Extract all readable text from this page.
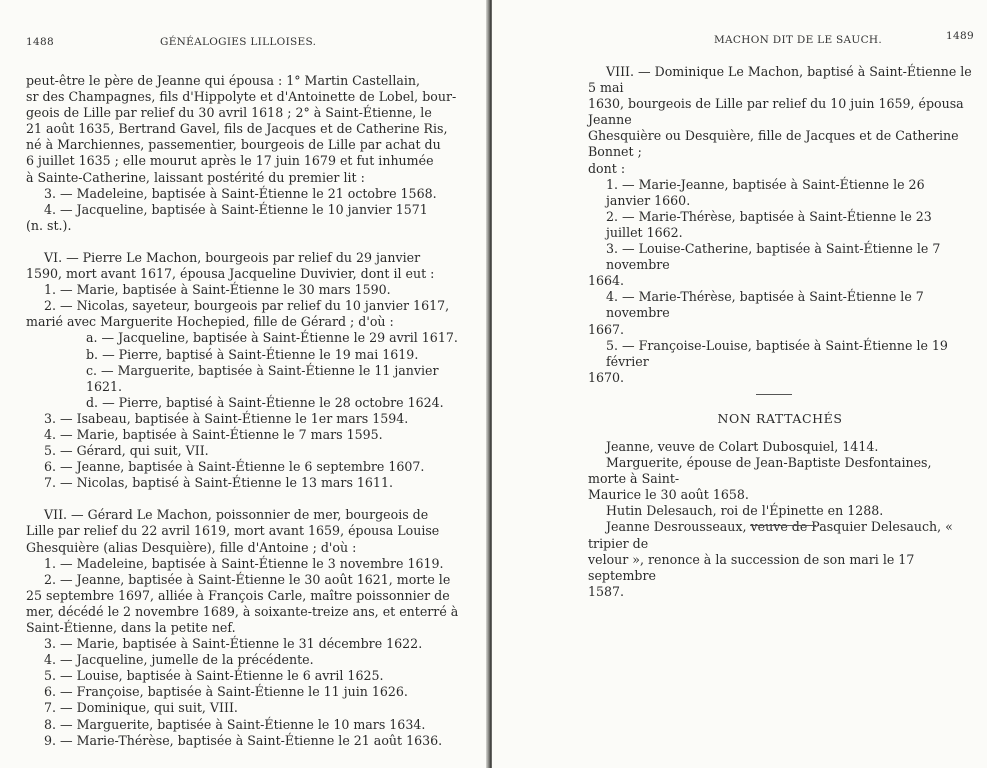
1488	GÉNÉALOGIES LILLOISES.

peut-être le père de Jeanne qui épousa : 1° Martin Castellain,

sr des Champagnes, fils d'Hippolyte et d'Antoinette de Lobel, bour-

geois de Lille par relief du 30 avril 1618 ; 2° à Saint-Étienne, le

21 août 1635, Bertrand Gavel, fils de Jacques et de Catherine Ris,

né à Marchiennes, passementier, bourgeois de Lille par achat du

6 juillet 1635 ; elle mourut après le 17 juin 1679 et fut inhumée

à Sainte-Catherine, laissant postérité du premier lit :

3. — Madeleine, baptisée à Saint-Étienne le 21 octobre 1568.

4. — Jacqueline, baptisée à Saint-Étienne le 10 janvier 1571

(n. st.).

VI. — Pierre Le Machon, bourgeois par relief du 29 janvier

1590, mort avant 1617, épousa Jacqueline Duvivier, dont il eut :

1. — Marie, baptisée à Saint-Étienne le 30 mars 1590.

2. — Nicolas, sayeteur, bourgeois par relief du 10 janvier 1617,

marié avec Marguerite Hochepied, fille de Gérard ; d'où :

a. — Jacqueline, baptisée à Saint-Étienne le 29 avril 1617.

b. — Pierre, baptisé à Saint-Étienne le 19 mai 1619.

c. — Marguerite, baptisée à Saint-Étienne le 11 janvier 1621.

d. — Pierre, baptisé à Saint-Étienne le 28 octobre 1624.

3. — Isabeau, baptisée à Saint-Étienne le 1er mars 1594.

4. — Marie, baptisée à Saint-Étienne le 7 mars 1595.

5. — Gérard, qui suit, VII.

6. — Jeanne, baptisée à Saint-Étienne le 6 septembre 1607.

7. — Nicolas, baptisé à Saint-Étienne le 13 mars 1611.

VII. — Gérard Le Machon, poissonnier de mer, bourgeois de

Lille par relief du 22 avril 1619, mort avant 1659, épousa Louise

Ghesquière (alias Desquière), fille d'Antoine ; d'où :

1. — Madeleine, baptisée à Saint-Étienne le 3 novembre 1619.

2. — Jeanne, baptisée à Saint-Étienne le 30 août 1621, morte le

25 septembre 1697, alliée à François Carle, maître poissonnier de

mer, décédé le 2 novembre 1689, à soixante-treize ans, et enterré à

Saint-Étienne, dans la petite nef.

3. — Marie, baptisée à Saint-Étienne le 31 décembre 1622.

4. — Jacqueline, jumelle de la précédente.

5. — Louise, baptisée à Saint-Étienne le 6 avril 1625.

6. — Françoise, baptisée à Saint-Étienne le 11 juin 1626.

7. — Dominique, qui suit, VIII.

8. — Marguerite, baptisée à Saint-Étienne le 10 mars 1634.

9. — Marie-Thérèse, baptisée à Saint-Étienne le 21 août 1636.

MACHON DIT DE LE SAUCH.	1489

VIII. — Dominique Le Machon, baptisé à Saint-Étienne le 5 mai

1630, bourgeois de Lille par relief du 10 juin 1659, épousa Jeanne

Ghesquière ou Desquière, fille de Jacques et de Catherine Bonnet ;

dont :

1. — Marie-Jeanne, baptisée à Saint-Étienne le 26 janvier 1660.

2. — Marie-Thérèse, baptisée à Saint-Étienne le 23 juillet 1662.

3. — Louise-Catherine, baptisée à Saint-Étienne le 7 novembre

1664.

4. — Marie-Thérèse, baptisée à Saint-Étienne le 7 novembre

1667.

5. — Françoise-Louise, baptisée à Saint-Étienne le 19 février

1670.

NON RATTACHÉS

Jeanne, veuve de Colart Dubosquiel, 1414.

Marguerite, épouse de Jean-Baptiste Desfontaines, morte à Saint-

Maurice le 30 août 1658.

Hutin Delesauch, roi de l'Épinette en 1288.

Jeanne Desrousseaux, veuve de Pasquier Delesauch, « tripier de

velour », renonce à la succession de son mari le 17 septembre

1587.
